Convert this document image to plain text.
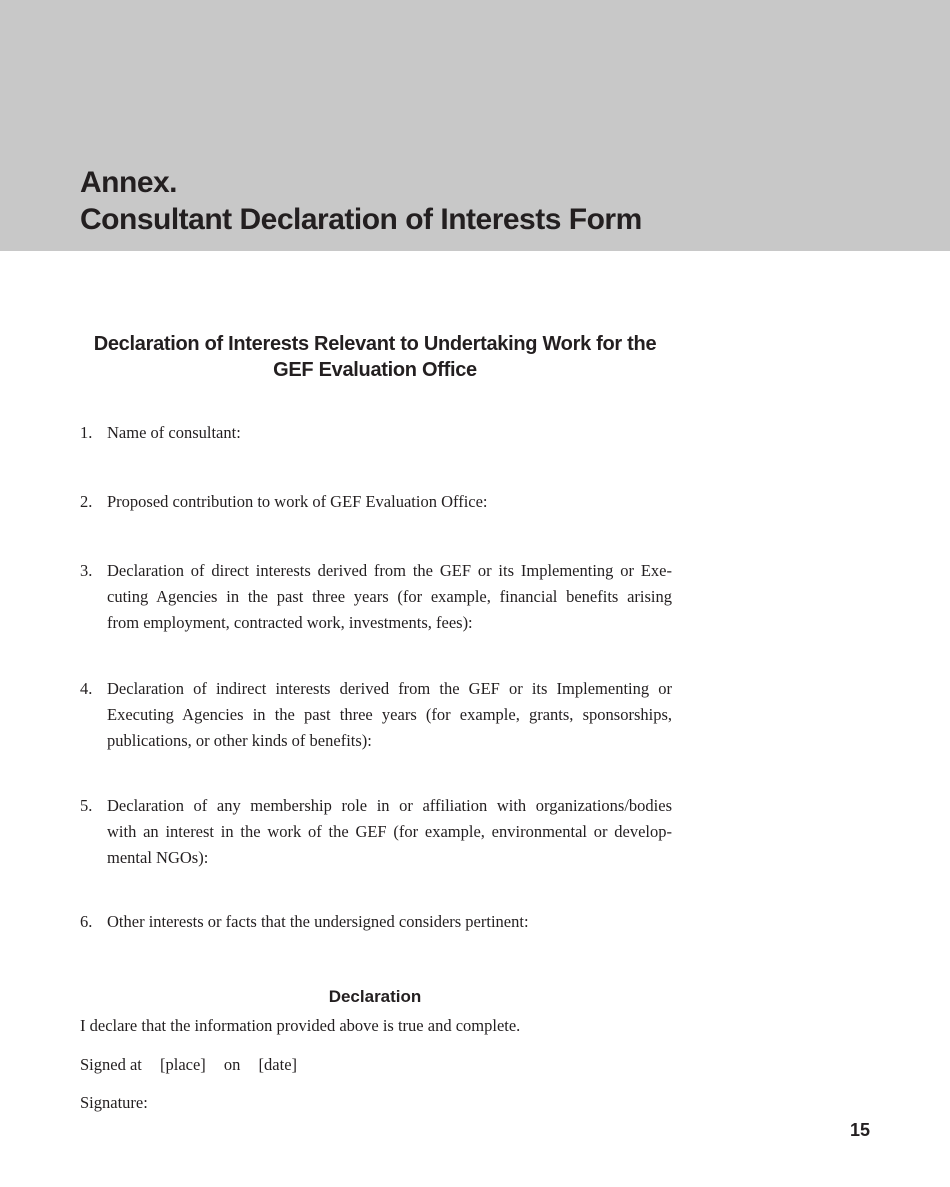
Annex.
Consultant Declaration of Interests Form
Declaration of Interests Relevant to Undertaking Work for the
GEF Evaluation Office
1. Name of consultant:
2. Proposed contribution to work of GEF Evaluation Office:
3. Declaration of direct interests derived from the GEF or its Implementing or Exe-
cuting Agencies in the past three years (for example, financial benefits arising
from employment, contracted work, investments, fees):
4. Declaration of indirect interests derived from the GEF or its Implementing or
Executing Agencies in the past three years (for example, grants, sponsorships,
publications, or other kinds of benefits):
5. Declaration of any membership role in or affiliation with organizations/bodies
with an interest in the work of the GEF (for example, environmental or develop-
mental NGOs):
6. Other interests or facts that the undersigned considers pertinent:
Declaration
I declare that the information provided above is true and complete.
Signed at [place] on [date]
Signature:
15
